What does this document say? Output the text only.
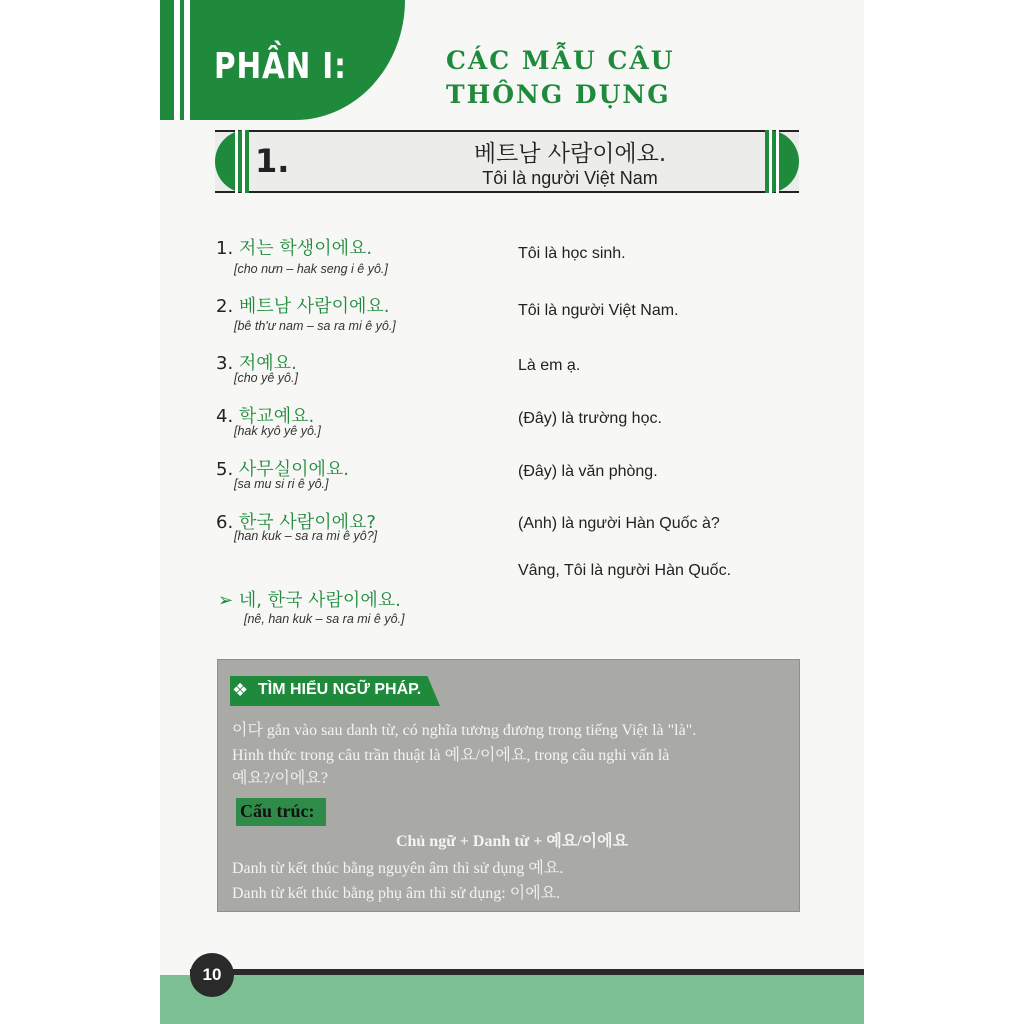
PHẦN I:	CÁC MẪU CÂU
THÔNG DỤNG
1.	베트남 사람이에요.
Tôi là người Việt Nam
1. 저는 학생이에요.
[cho nưn – hak seng i ê yô.]
Tôi là học sinh.
2. 베트남 사람이에요.
[bê th'ư nam – sa ra mi ê yô.]
Tôi là người Việt Nam.
3. 저예요.
[cho yê yô.]
Là em ạ.
4. 학교예요.
[hak kyô yê yô.]
(Đây) là trường học.
5. 사무실이에요.
[sa mu si ri ê yô.]
(Đây) là văn phòng.
6. 한국 사람이에요?
[han kuk – sa ra mi ê yô?]
(Anh) là người Hàn Quốc à?
Vâng, Tôi là người Hàn Quốc.
➢ 네, 한국 사람이에요.
[nê, han kuk – sa ra mi ê yô.]
❖ TÌM HIỂU NGỮ PHÁP.
이다 gắn vào sau danh từ, có nghĩa tương đương trong tiếng Việt là "là".
Hình thức trong câu trần thuật là 예요/이에요, trong câu nghi vấn là
예요?/이에요?
Cấu trúc:
Chủ ngữ + Danh từ + 예요/이에요
Danh từ kết thúc bằng nguyên âm thì sử dụng 예요.
Danh từ kết thúc bằng phụ âm thì sử dụng: 이에요.
10
